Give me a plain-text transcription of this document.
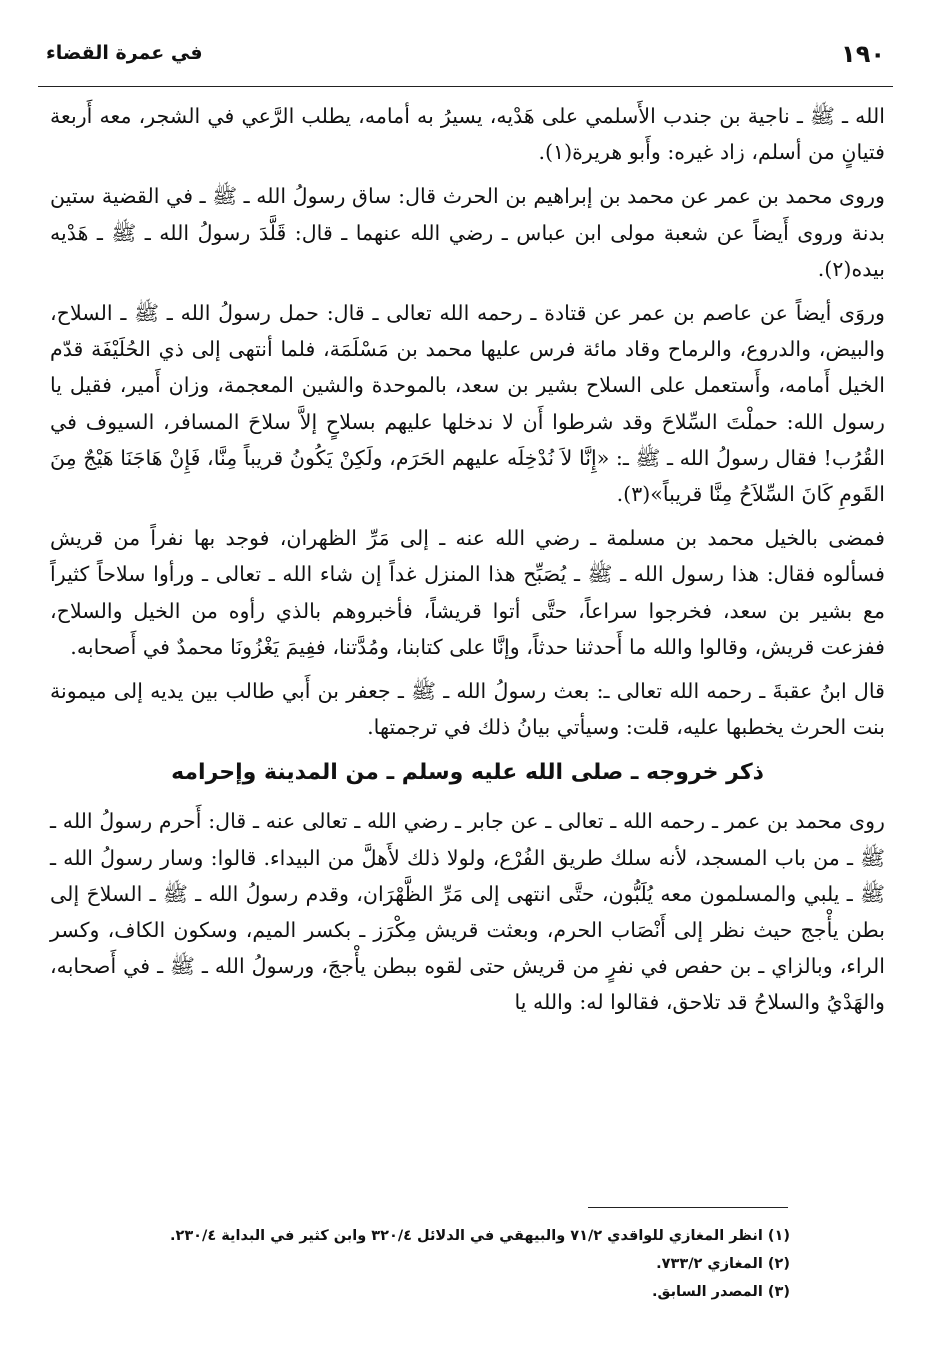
١٩٠
في عمرة القضاء

الله ـ ﷺ ـ ناجية بن جندب الأَسلمي على هَدْيه، يسيرُ به أمامه، يطلب الرَّعي في الشجر، معه أَربعة فتيانٍ من أسلم، زاد غيره: وأَبو هريرة(١).

وروى محمد بن عمر عن محمد بن إبراهيم بن الحرث قال: ساق رسولُ الله ـ ﷺ ـ في القضية ستين بدنة وروى أَيضاً عن شعبة مولى ابن عباس ـ رضي الله عنهما ـ قال: قَلَّدَ رسولُ الله ـ ﷺ ـ هَدْيه بيده(٢).

وروَى أيضاً عن عاصم بن عمر عن قتادة ـ رحمه الله تعالى ـ قال: حمل رسولُ الله ـ ﷺ ـ السلاح، والبيض، والدروع، والرماح وقاد مائة فرس عليها محمد بن مَسْلَمَة، فلما أنتهى إلى ذي الحُلَيْفَة قدّم الخيل أَمامه، وأَستعمل على السلاح بشير بن سعد، بالموحدة والشين المعجمة، وزان أَمير، فقيل يا رسول الله: حملْتَ السِّلاحَ وقد شرطوا أَن لا ندخلها عليهم بسلاحٍ إلاَّ سلاحَ المسافر، السيوف في القُرُب! فقال رسولُ الله ـ ﷺ ـ: «إِنَّا لاَ نُدْخِلَه عليهم الحَرَم، ولَكِنْ يَكُونُ قريباً مِنَّا، فَإِنْ هَاجَنَا هَيْجٌ مِنَ القَومِ كَانَ السِّلاَحُ مِنَّا قريباً»(٣).

فمضى بالخيل محمد بن مسلمة ـ رضي الله عنه ـ إلى مَرِّ الظهران، فوجد بها نفراً من قريش فسألوه فقال: هذا رسول الله ـ ﷺ ـ يُصَبِّح هذا المنزل غداً إن شاء الله ـ تعالى ـ ورأوا سلاحاً كثيراً مع بشير بن سعد، فخرجوا سراعاً، حتَّى أتوا قريشاً، فأخبروهم بالذي رأوه من الخيل والسلاح، ففزعت قريش، وقالوا والله ما أَحدثنا حدثاً، وإنَّا على كتابنا، ومُدَّتنا، ففِيمَ يَغْزُونَا محمدٌ في أَصحابه.

قال ابنُ عقبةَ ـ رحمه الله تعالى ـ: بعث رسولُ الله ـ ﷺ ـ جعفر بن أَبي طالب بين يديه إلى ميمونة بنت الحرث يخطبها عليه، قلت: وسيأتي بيانُ ذلك في ترجمتها.

ذكر خروجه ـ صلى الله عليه وسلم ـ من المدينة وإحرامه

روى محمد بن عمر ـ رحمه الله ـ تعالى ـ عن جابر ـ رضي الله ـ تعالى عنه ـ قال: أَحرم رسولُ الله ـ ﷺ ـ من باب المسجد، لأنه سلك طريق الفُرْع، ولولا ذلك لأَهلَّ من البيداء. قالوا: وسار رسولُ الله ـ ﷺ ـ يلبي والمسلمون معه يُلَبُّون، حتَّى انتهى إلى مَرِّ الظَّهْرَان، وقدم رسولُ الله ـ ﷺ ـ السلاحَ إلى بطن يأْجج حيث نظر إلى أَنْصَاب الحرم، وبعثت قريش مِكْرَز ـ بكسر الميم، وسكون الكاف، وكسر الراء، وبالزاي ـ بن حفص في نفرٍ من قريش حتى لقوه ببطن يأْججَ، ورسولُ الله ـ ﷺ ـ في أَصحابه، والهَدْيُ والسلاحُ قد تلاحق، فقالوا له: والله يا

(١) انظر المغازي للواقدي ٧١/٢ والبيهقي في الدلائل ٣٢٠/٤ وابن كثير في البداية ٢٣٠/٤.
(٢) المغازي ٧٣٣/٢.
(٣) المصدر السابق.
